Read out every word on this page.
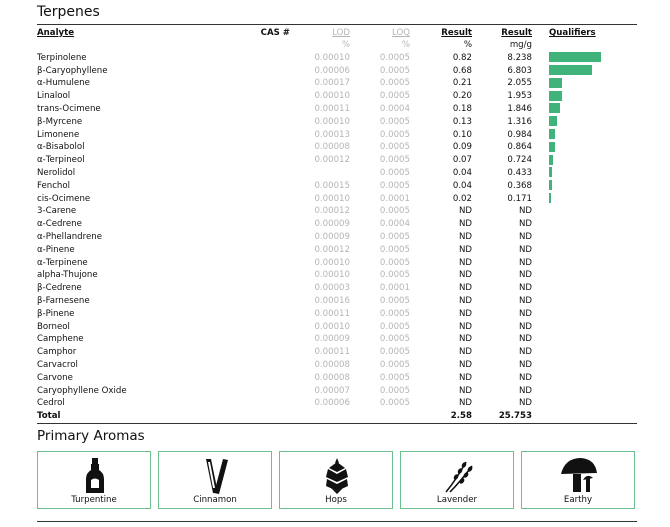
Terpenes
Analyte	CAS #	LOD	LOQ	Result	Result	Qualifiers
		%	%	%	mg/g	
Terpinolene		0.00010	0.0005	0.82	8.238	
β-Caryophyllene		0.00006	0.0005	0.68	6.803	
α-Humulene		0.00017	0.0005	0.21	2.055	
Linalool		0.00010	0.0005	0.20	1.953	
trans-Ocimene		0.00011	0.0004	0.18	1.846	
β-Myrcene		0.00010	0.0005	0.13	1.316	
Limonene		0.00013	0.0005	0.10	0.984	
α-Bisabolol		0.00008	0.0005	0.09	0.864	
α-Terpineol		0.00012	0.0005	0.07	0.724	
Nerolidol			0.0005	0.04	0.433	
Fenchol		0.00015	0.0005	0.04	0.368	
cis-Ocimene		0.00010	0.0001	0.02	0.171	
3-Carene		0.00012	0.0005	ND	ND	
α-Cedrene		0.00009	0.0004	ND	ND	
α-Phellandrene		0.00009	0.0005	ND	ND	
α-Pinene		0.00012	0.0005	ND	ND	
α-Terpinene		0.00010	0.0005	ND	ND	
alpha-Thujone		0.00010	0.0005	ND	ND	
β-Cedrene		0.00003	0.0001	ND	ND	
β-Farnesene		0.00016	0.0005	ND	ND	
β-Pinene		0.00011	0.0005	ND	ND	
Borneol		0.00010	0.0005	ND	ND	
Camphene		0.00009	0.0005	ND	ND	
Camphor		0.00011	0.0005	ND	ND	
Carvacrol		0.00008	0.0005	ND	ND	
Carvone		0.00008	0.0005	ND	ND	
Caryophyllene Oxide		0.00007	0.0005	ND	ND	
Cedrol		0.00006	0.0005	ND	ND	
Total				2.58	25.753	
Primary Aromas
Turpentine	Cinnamon	Hops	Lavender	Earthy
